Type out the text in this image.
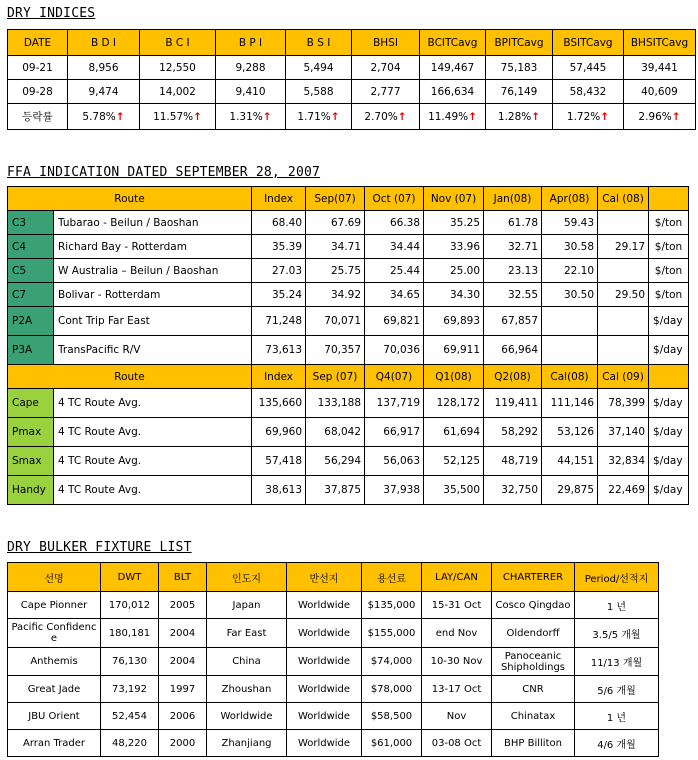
DRY INDICES
DATE	B D I	B C I	B P I	B S I	BHSI	BCITCavg	BPITCavg	BSITCavg	BHSITCavg
09-21	8,956	12,550	9,288	5,494	2,704	149,467	75,183	57,445	39,441
09-28	9,474	14,002	9,410	5,588	2,777	166,634	76,149	58,432	40,609
등락률	5.78%↑	11.57%↑	1.31%↑	1.71%↑	2.70%↑	11.49%↑	1.28%↑	1.72%↑	2.96%↑
FFA INDICATION DATED SEPTEMBER 28, 2007
Route		Index	Sep(07)	Oct (07)	Nov (07)	Jan(08)	Apr(08)	Cal (08)	
C3	Tubarao - Beilun / Baoshan	68.40	67.69	66.38	35.25	61.78	59.43		$/ton
C4	Richard Bay - Rotterdam	35.39	34.71	34.44	33.96	32.71	30.58	29.17	$/ton
C5	W Australia – Beilun / Baoshan	27.03	25.75	25.44	25.00	23.13	22.10		$/ton
C7	Bolivar - Rotterdam	35.24	34.92	34.65	34.30	32.55	30.50	29.50	$/ton
P2A	Cont Trip Far East	71,248	70,071	69,821	69,893	67,857			$/day
P3A	TransPacific R/V	73,613	70,357	70,036	69,911	66,964			$/day
Route		Index	Sep (07)	Q4(07)	Q1(08)	Q2(08)	Cal(08)	Cal (09)	
Cape	4 TC Route Avg.	135,660	133,188	137,719	128,172	119,411	111,146	78,399	$/day
Pmax	4 TC Route Avg.	69,960	68,042	66,917	61,694	58,292	53,126	37,140	$/day
Smax	4 TC Route Avg.	57,418	56,294	56,063	52,125	48,719	44,151	32,834	$/day
Handy	4 TC Route Avg.	38,613	37,875	37,938	35,500	32,750	29,875	22,469	$/day
DRY BULKER FIXTURE LIST
선명	DWT	BLT	인도지	반선지	용선료	LAY/CAN	CHARTERER	Period/선적지
Cape Pionner	170,012	2005	Japan	Worldwide	$135,000	15-31 Oct	Cosco Qingdao	1 년
Pacific Confidence	180,181	2004	Far East	Worldwide	$155,000	end Nov	Oldendorff	3.5/5 개월
Anthemis	76,130	2004	China	Worldwide	$74,000	10-30 Nov	Panoceanic Shipholdings	11/13 개월
Great Jade	73,192	1997	Zhoushan	Worldwide	$78,000	13-17 Oct	CNR	5/6 개월
JBU Orient	52,454	2006	Worldwide	Worldwide	$58,500	Nov	Chinatax	1 년
Arran Trader	48,220	2000	Zhanjiang	Worldwide	$61,000	03-08 Oct	BHP Billiton	4/6 개월
